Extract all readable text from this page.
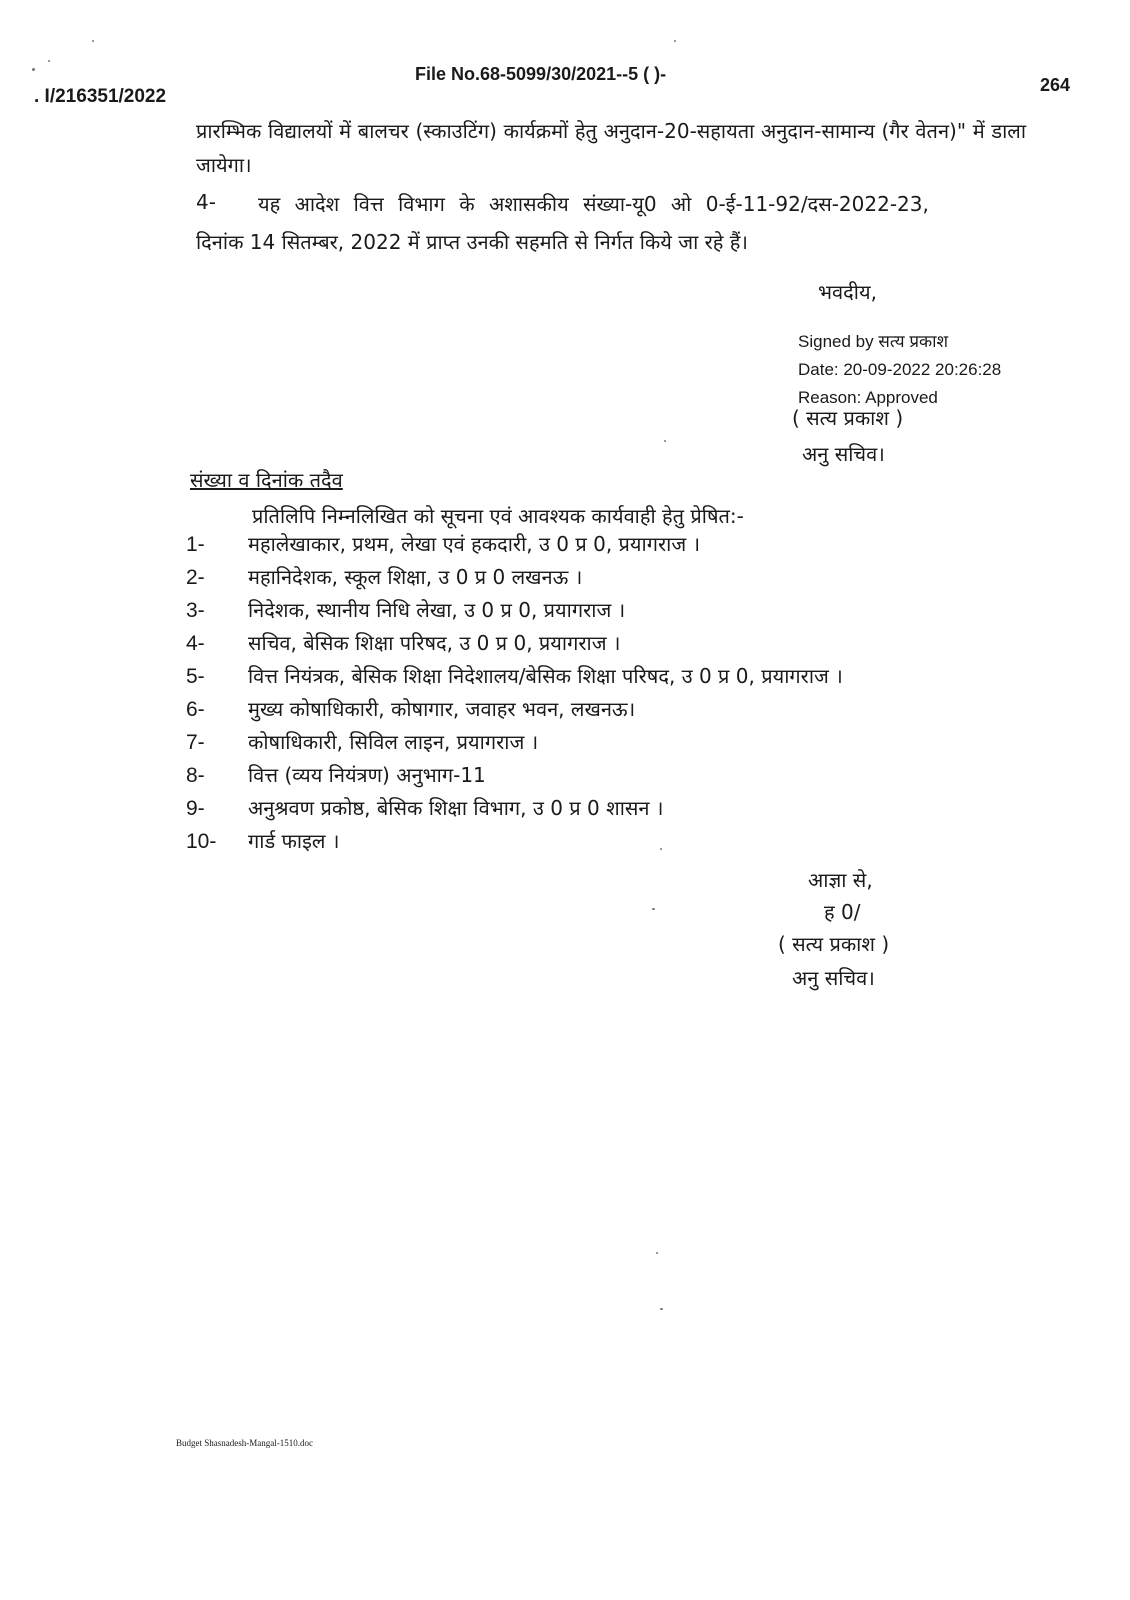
. I/216351/2022
File No.68-5099/30/2021--5 ( )-
264
प्रारम्भिक विद्यालयों में बालचर (स्काउटिंग) कार्यक्रमों हेतु अनुदान-20-सहायता अनुदान-सामान्य (गैर वेतन)" में डाला जायेगा।
4- यह आदेश वित्त विभाग के अशासकीय संख्या-यू0 ओ 0-ई-11-92/दस-2022-23,
दिनांक 14 सितम्बर, 2022 में प्राप्त उनकी सहमति से निर्गत किये जा रहे हैं।
भवदीय,
Signed by सत्य प्रकाश
Date: 20-09-2022 20:26:28
Reason: Approved
( सत्य प्रकाश )
अनु सचिव।
संख्या व दिनांक तदैव
प्रतिलिपि निम्नलिखित को सूचना एवं आवश्यक कार्यवाही हेतु प्रेषित:-
1-	महालेखाकार, प्रथम, लेखा एवं हकदारी, उ 0 प्र 0, प्रयागराज ।
2-	महानिदेशक, स्कूल शिक्षा, उ 0 प्र 0 लखनऊ ।
3-	निदेशक, स्थानीय निधि लेखा, उ 0 प्र 0, प्रयागराज ।
4-	सचिव, बेसिक शिक्षा परिषद, उ 0 प्र 0, प्रयागराज ।
5-	वित्त नियंत्रक, बेसिक शिक्षा निदेशालय/बेसिक शिक्षा परिषद, उ 0 प्र 0, प्रयागराज ।
6-	मुख्य कोषाधिकारी, कोषागार, जवाहर भवन, लखनऊ।
7-	कोषाधिकारी, सिविल लाइन, प्रयागराज ।
8-	वित्त (व्यय नियंत्रण) अनुभाग-11
9-	अनुश्रवण प्रकोष्ठ, बेसिक शिक्षा विभाग, उ 0 प्र 0 शासन ।
10-	गार्ड फाइल ।
आज्ञा से,
ह 0/
( सत्य प्रकाश )
अनु सचिव।
Budget Shasnadesh-Mangal-1510.doc
